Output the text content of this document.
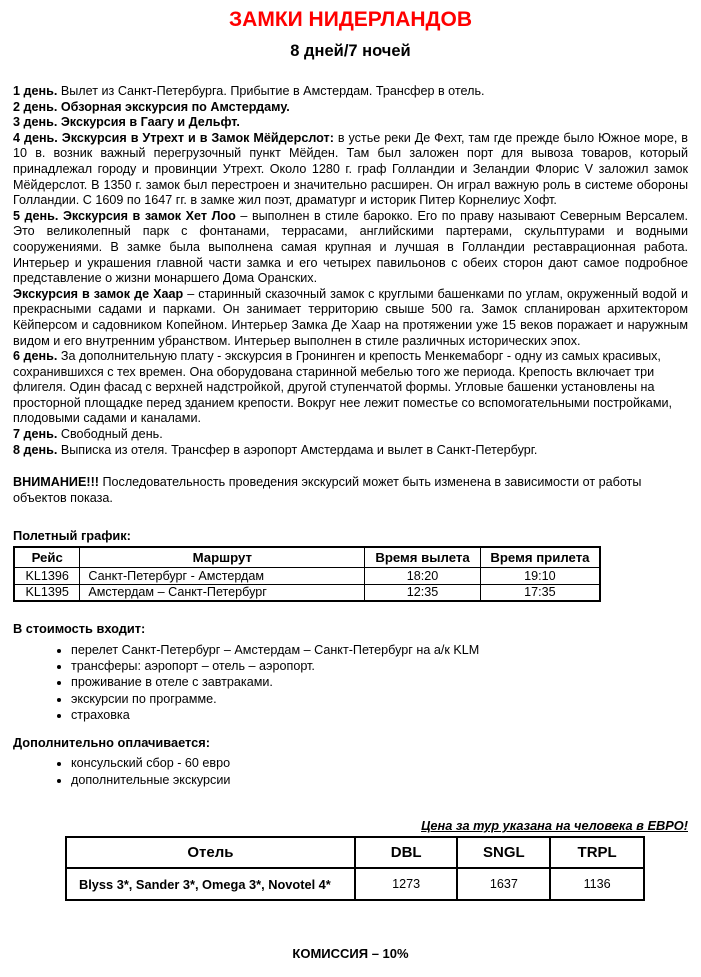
ЗАМКИ НИДЕРЛАНДОВ
8 дней/7 ночей

1 день. Вылет из Санкт-Петербурга. Прибытие в Амстердам. Трансфер в отель.

2 день. Обзорная экскурсия по Амстердаму.

3 день. Экскурсия в Гаагу и Дельфт.

4 день. Экскурсия в Утрехт и в Замок Мёйдерслот: в устье реки Де Фехт, там где прежде было Южное море, в 10 в. возник важный перегрузочный пункт Мёйден. Там был заложен порт для вывоза товаров, который принадлежал городу и провинции Утрехт. Около 1280 г. граф Голландии и Зеландии Флорис V заложил замок Мёйдерслот. В 1350 г. замок был перестроен и значительно расширен. Он играл важную роль в системе обороны Голландии. С 1609 по 1647 гг. в замке жил поэт, драматург и историк Питер Корнелиус Хофт.

5 день. Экскурсия в замок Хет Лоо – выполнен в стиле барокко. Его по праву называют Северным Версалем. Это великолепный парк с фонтанами, террасами, английскими партерами, скульптурами и водными сооружениями. В замке была выполнена самая крупная и лучшая в Голландии реставрационная работа. Интерьер и украшения главной части замка и его четырех павильонов с обеих сторон дают самое подробное представление о жизни монаршего Дома Оранских.

Экскурсия в замок де Хаар – старинный сказочный замок с круглыми башенками по углам, окруженный водой и прекрасными садами и парками. Он занимает территорию свыше 500 га. Замок спланирован архитектором Кёйперсом и садовником Копейном. Интерьер Замка Де Хаар на протяжении уже 15 веков поражает и наружным видом и его внутренним убранством. Интерьер выполнен в стиле различных исторических эпох.

6 день. За дополнительную плату - экскурсия в Гронинген и крепость Менкемаборг - одну из самых красивых, сохранившихся с тех времен. Она оборудована старинной мебелью того же периода. Крепость включает три флигеля. Один фасад с верхней надстройкой, другой ступенчатой формы. Угловые башенки установлены на просторной площадке перед зданием крепости. Вокруг нее лежит поместье со вспомогательными постройками, плодовыми садами и каналами.

7 день. Свободный день.

8 день. Выписка из отеля. Трансфер в аэропорт Амстердама и вылет в Санкт-Петербург.

ВНИМАНИЕ!!! Последовательность проведения экскурсий может быть изменена в зависимости от работы объектов показа.

Полетный график:

Рейс	Маршрут	Время вылета	Время прилета
KL1396	Санкт-Петербург - Амстердам	18:20	19:10
KL1395	Амстердам – Санкт-Петербург	12:35	17:35

В стоимость входит:

• перелет Санкт-Петербург – Амстердам – Санкт-Петербург на а/к KLM
• трансферы: аэропорт – отель – аэропорт.
• проживание в отеле с завтраками.
• экскурсии по программе.
• страховка

Дополнительно оплачивается:

• консульский сбор - 60 евро
• дополнительные экскурсии

Цена за тур указана на человека в ЕВРО!

Отель	DBL	SNGL	TRPL
Blyss 3*, Sander 3*, Omega 3*, Novotel 4*	1273	1637	1136

КОМИССИЯ – 10%
